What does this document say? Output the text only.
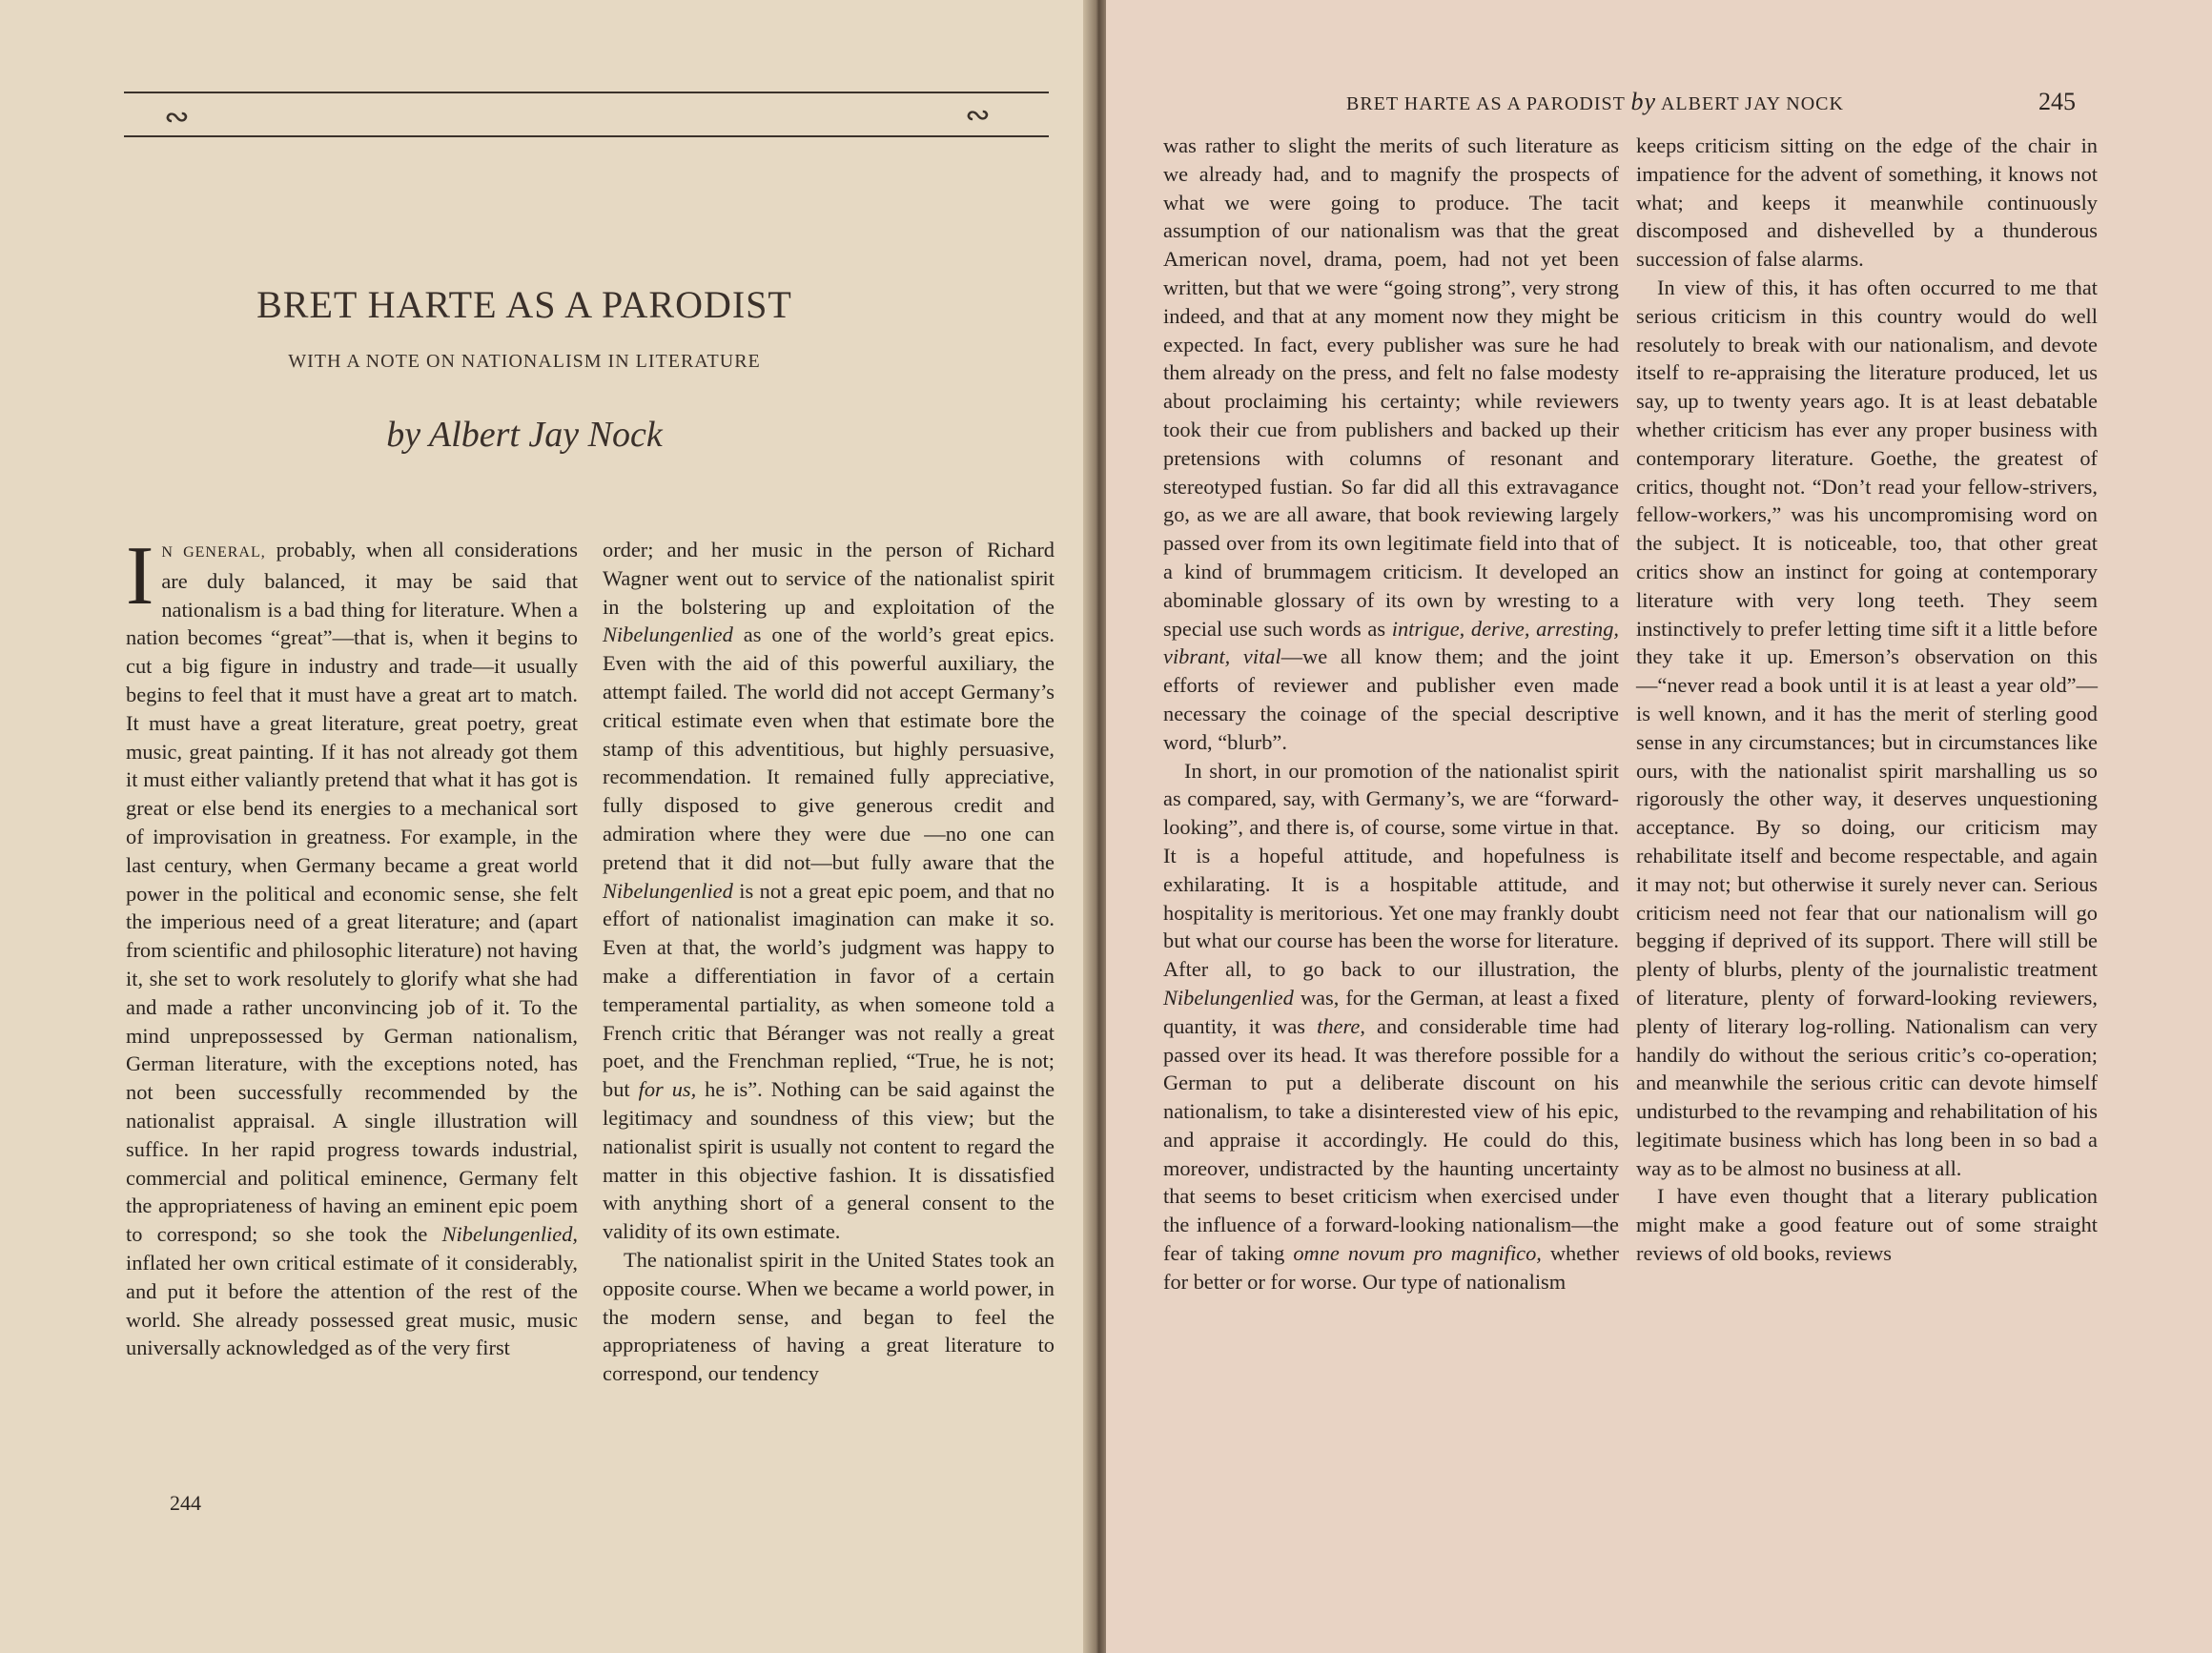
∾	∾
BRET HARTE AS A PARODIST
WITH A NOTE ON NATIONALISM IN LITERATURE
by Albert Jay Nock

I N GENERAL, probably, when all considerations are duly balanced, it may be said that nationalism is a bad thing for literature. When a nation becomes “great”—that is, when it begins to cut a big figure in industry and trade—it usually begins to feel that it must have a great art to match. It must have a great literature, great poetry, great music, great painting. If it has not already got them it must either valiantly pretend that what it has got is great or else bend its energies to a mechanical sort of improvisation in greatness. For example, in the last century, when Germany became a great world power in the political and economic sense, she felt the imperious need of a great literature; and (apart from scientific and philosophic literature) not having it, she set to work resolutely to glorify what she had and made a rather unconvincing job of it. To the mind unprepossessed by German nationalism, German literature, with the exceptions noted, has not been successfully recommended by the nationalist appraisal. A single illustration will suffice. In her rapid progress towards industrial, commercial and political eminence, Germany felt the appropriateness of having an eminent epic poem to correspond; so she took the Nibelungenlied, inflated her own critical estimate of it considerably, and put it before the attention of the rest of the world. She already possessed great music, music universally acknowledged as of the very first

order; and her music in the person of Richard Wagner went out to service of the nationalist spirit in the bolstering up and exploitation of the Nibelungenlied as one of the world’s great epics. Even with the aid of this powerful auxiliary, the attempt failed. The world did not accept Germany’s critical estimate even when that estimate bore the stamp of this adventitious, but highly persuasive, recommendation. It remained fully appreciative, fully disposed to give generous credit and admiration where they were due —no one can pretend that it did not—but fully aware that the Nibelungenlied is not a great epic poem, and that no effort of nationalist imagination can make it so. Even at that, the world’s judgment was happy to make a differentiation in favor of a certain temperamental partiality, as when someone told a French critic that Béranger was not really a great poet, and the Frenchman replied, “True, he is not; but for us, he is”. Nothing can be said against the legitimacy and soundness of this view; but the nationalist spirit is usually not content to regard the matter in this objective fashion. It is dissatisfied with anything short of a general consent to the validity of its own estimate.

The nationalist spirit in the United States took an opposite course. When we became a world power, in the modern sense, and began to feel the appropriateness of having a great literature to correspond, our tendency

244
BRET HARTE AS A PARODIST by ALBERT JAY NOCK	245

was rather to slight the merits of such literature as we already had, and to magnify the prospects of what we were going to produce. The tacit assumption of our nationalism was that the great American novel, drama, poem, had not yet been written, but that we were “going strong”, very strong indeed, and that at any moment now they might be expected. In fact, every publisher was sure he had them already on the press, and felt no false modesty about proclaiming his certainty; while reviewers took their cue from publishers and backed up their pretensions with columns of resonant and stereotyped fustian. So far did all this extravagance go, as we are all aware, that book reviewing largely passed over from its own legitimate field into that of a kind of brummagem criticism. It developed an abominable glossary of its own by wresting to a special use such words as intrigue, derive, arresting, vibrant, vital—we all know them; and the joint efforts of reviewer and publisher even made necessary the coinage of the special descriptive word, “blurb”.

In short, in our promotion of the nationalist spirit as compared, say, with Germany’s, we are “forward-looking”, and there is, of course, some virtue in that. It is a hopeful attitude, and hopefulness is exhilarating. It is a hospitable attitude, and hospitality is meritorious. Yet one may frankly doubt but what our course has been the worse for literature. After all, to go back to our illustration, the Nibelungenlied was, for the German, at least a fixed quantity, it was there, and considerable time had passed over its head. It was therefore possible for a German to put a deliberate discount on his nationalism, to take a disinterested view of his epic, and appraise it accordingly. He could do this, moreover, undistracted by the haunting uncertainty that seems to beset criticism when exercised under the influence of a forward-looking nationalism—the fear of taking omne novum pro magnifico, whether for better or for worse. Our type of nationalism

keeps criticism sitting on the edge of the chair in impatience for the advent of something, it knows not what; and keeps it meanwhile continuously discomposed and dishevelled by a thunderous succession of false alarms.

In view of this, it has often occurred to me that serious criticism in this country would do well resolutely to break with our nationalism, and devote itself to re-appraising the literature produced, let us say, up to twenty years ago. It is at least debatable whether criticism has ever any proper business with contemporary literature. Goethe, the greatest of critics, thought not. “Don’t read your fellow-strivers, fellow-workers,” was his uncompromising word on the subject. It is noticeable, too, that other great critics show an instinct for going at contemporary literature with very long teeth. They seem instinctively to prefer letting time sift it a little before they take it up. Emerson’s observation on this—“never read a book until it is at least a year old”—is well known, and it has the merit of sterling good sense in any circumstances; but in circumstances like ours, with the nationalist spirit marshalling us so rigorously the other way, it deserves unquestioning acceptance. By so doing, our criticism may rehabilitate itself and become respectable, and again it may not; but otherwise it surely never can. Serious criticism need not fear that our nationalism will go begging if deprived of its support. There will still be plenty of blurbs, plenty of the journalistic treatment of literature, plenty of forward-looking reviewers, plenty of literary log-rolling. Nationalism can very handily do without the serious critic’s co-operation; and meanwhile the serious critic can devote himself undisturbed to the revamping and rehabilitation of his legitimate business which has long been in so bad a way as to be almost no business at all.

I have even thought that a literary publication might make a good feature out of some straight reviews of old books, reviews
